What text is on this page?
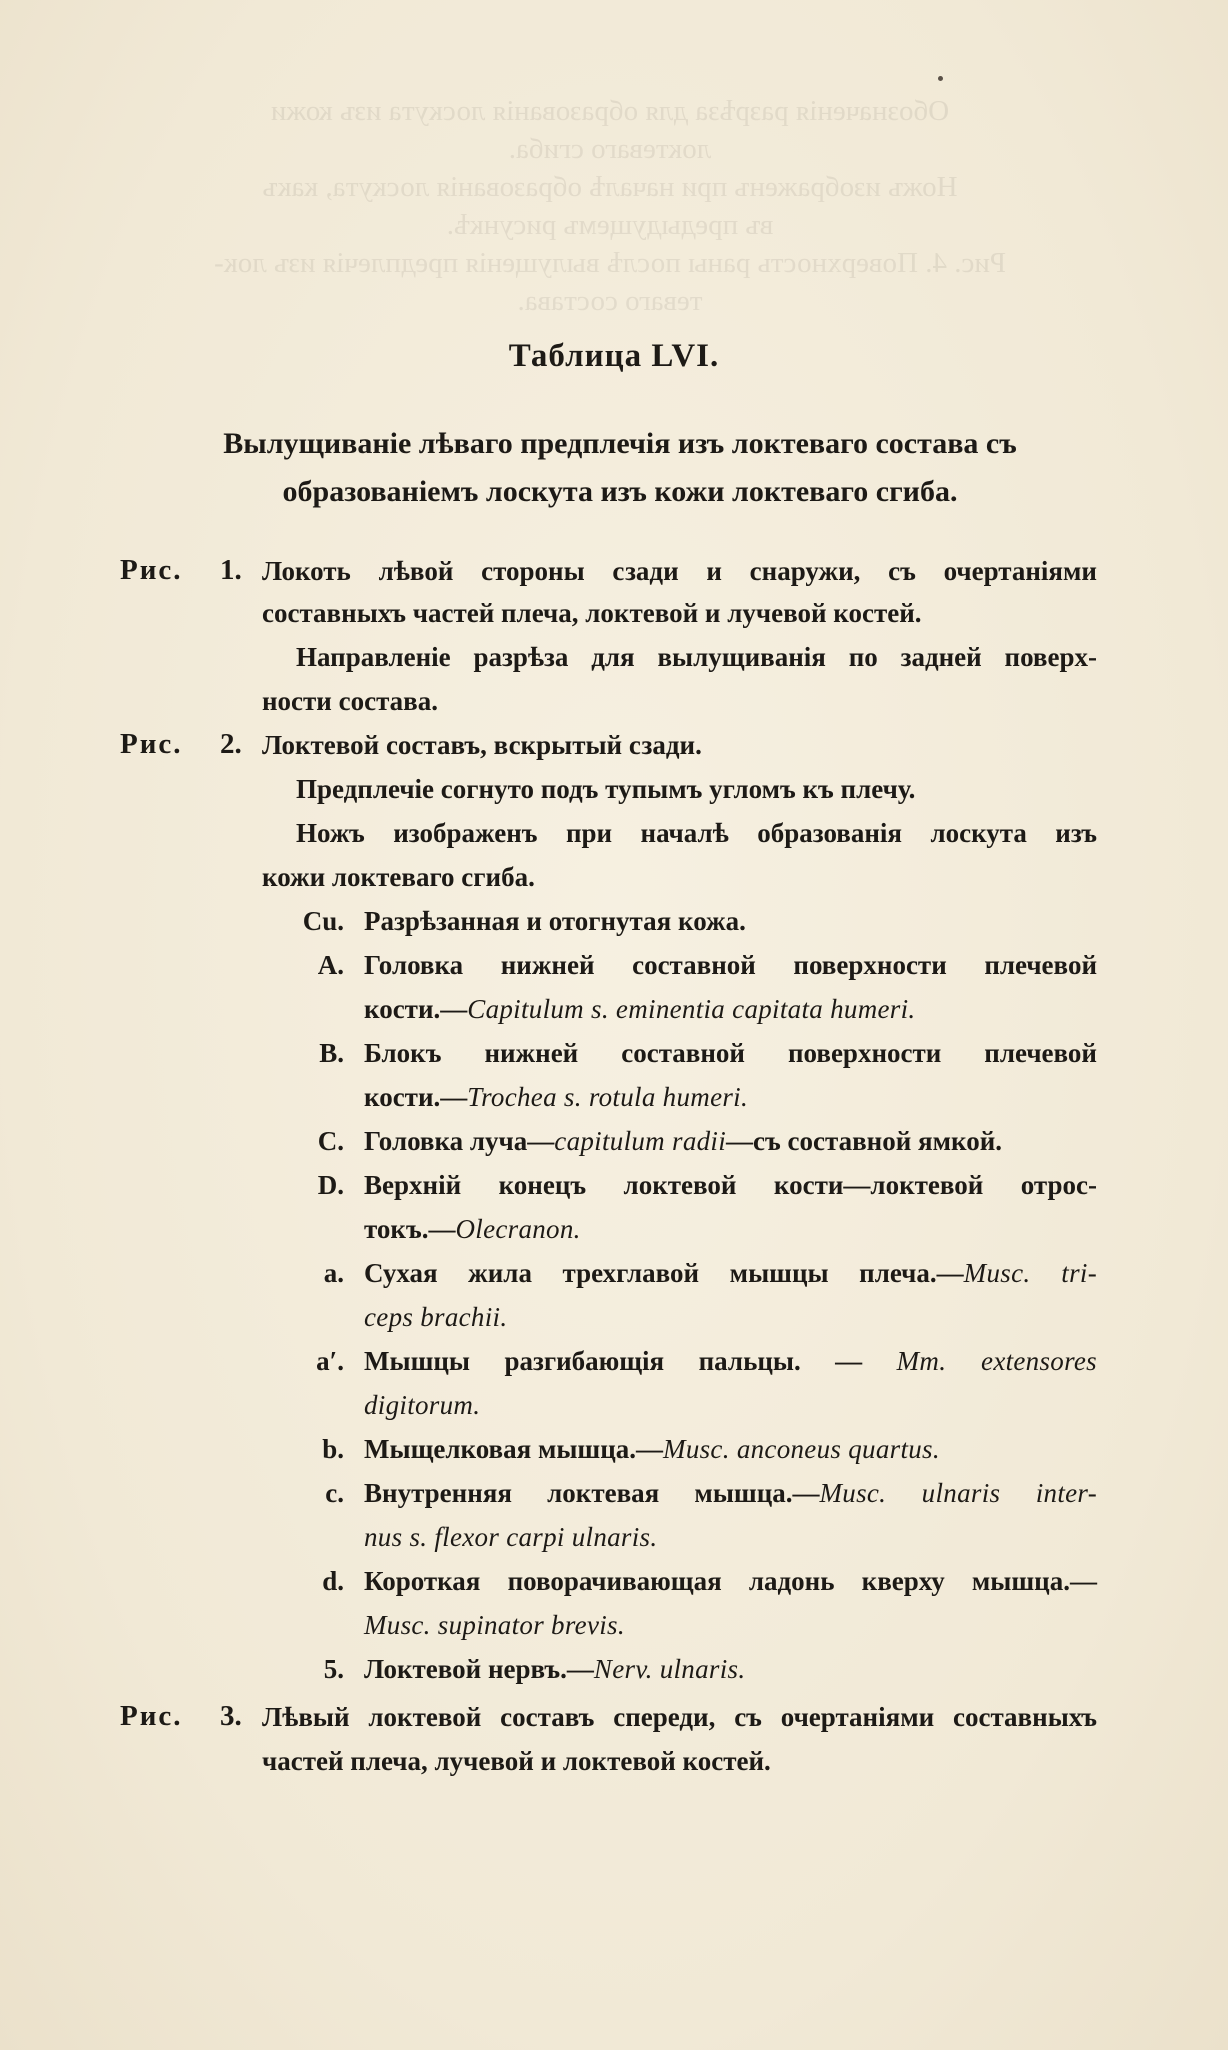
Обозначенія разрѣза для образованія лоскута изъ кожи
локтеваго сгиба.
Ножъ изображенъ при началѣ образованія лоскута, какъ
въ предыдущемъ рисункѣ.
Рис. 4. Поверхность раны послѣ вылущенія предплечія изъ лок-
теваго состава.
Таблица LVI.
Вылущиваніе лѣваго предплечія изъ локтеваго состава съ
образованіемъ лоскута изъ кожи локтеваго сгиба.
Рис. 1. Локоть лѣвой стороны сзади и снаружи, съ очертаніями
составныхъ частей плеча, локтевой и лучевой костей.
Направленіе разрѣза для вылущиванія по задней поверх-
ности состава.
Рис. 2. Локтевой составъ, вскрытый сзади.
Предплечіе согнуто подъ тупымъ угломъ къ плечу.
Ножъ изображенъ при началѣ образованія лоскута изъ
кожи локтеваго сгиба.
Cu. Разрѣзанная и отогнутая кожа.
A. Головка нижней составной поверхности плечевой
кости.—Capitulum s. eminentia capitata humeri.
B. Блокъ нижней составной поверхности плечевой
кости.—Trochea s. rotula humeri.
C. Головка луча—capitulum radii—съ составной ямкой.
D. Верхній конецъ локтевой кости—локтевой отрос-
токъ.—Olecranon.
a. Сухая жила трехглавой мышцы плеча.—Musc. tri-
ceps brachii.
a′. Мышцы разгибающія пальцы. — Mm. extensores
digitorum.
b. Мыщелковая мышца.—Musc. anconeus quartus.
c. Внутренняя локтевая мышца.—Musc. ulnaris inter-
nus s. flexor carpi ulnaris.
d. Короткая поворачивающая ладонь кверху мышца.—
Musc. supinator brevis.
5. Локтевой нервъ.—Nerv. ulnaris.
Рис. 3. Лѣвый локтевой составъ спереди, съ очертаніями составныхъ
частей плеча, лучевой и локтевой костей.
